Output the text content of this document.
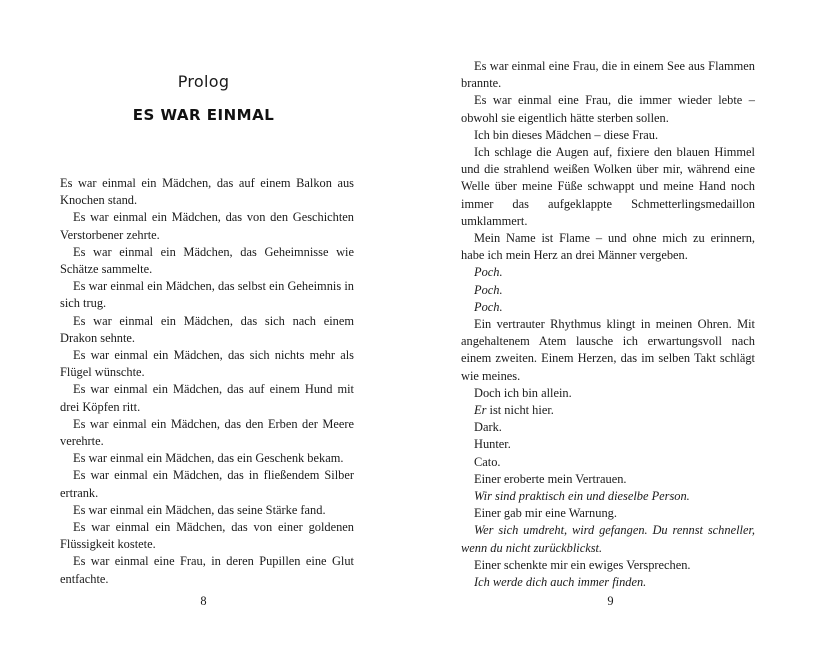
Prolog
ES WAR EINMAL

Es war einmal ein Mädchen, das auf einem Balkon aus Knochen stand.

Es war einmal ein Mädchen, das von den Geschichten Verstorbener zehrte.

Es war einmal ein Mädchen, das Geheimnisse wie Schätze sammelte.

Es war einmal ein Mädchen, das selbst ein Geheimnis in sich trug.

Es war einmal ein Mädchen, das sich nach einem Drakon sehnte.

Es war einmal ein Mädchen, das sich nichts mehr als Flügel wünschte.

Es war einmal ein Mädchen, das auf einem Hund mit drei Köpfen ritt.

Es war einmal ein Mädchen, das den Erben der Meere verehrte.

Es war einmal ein Mädchen, das ein Geschenk bekam.

Es war einmal ein Mädchen, das in fließendem Silber ertrank.

Es war einmal ein Mädchen, das seine Stärke fand.

Es war einmal ein Mädchen, das von einer goldenen Flüssigkeit kostete.

Es war einmal eine Frau, in deren Pupillen eine Glut entfachte.

8

Es war einmal eine Frau, die in einem See aus Flammen brannte.

Es war einmal eine Frau, die immer wieder lebte – obwohl sie eigentlich hätte sterben sollen.

Ich bin dieses Mädchen – diese Frau.

Ich schlage die Augen auf, fixiere den blauen Himmel und die strahlend weißen Wolken über mir, während eine Welle über meine Füße schwappt und meine Hand noch immer das aufgeklappte Schmetterlingsmedaillon umklammert.

Mein Name ist Flame – und ohne mich zu erinnern, habe ich mein Herz an drei Männer vergeben.

Poch.

Poch.

Poch.

Ein vertrauter Rhythmus klingt in meinen Ohren. Mit angehaltenem Atem lausche ich erwartungsvoll nach einem zweiten. Einem Herzen, das im selben Takt schlägt wie meines.

Doch ich bin allein.

Er ist nicht hier.

Dark.

Hunter.

Cato.

Einer eroberte mein Vertrauen.

Wir sind praktisch ein und dieselbe Person.

Einer gab mir eine Warnung.

Wer sich umdreht, wird gefangen. Du rennst schneller, wenn du nicht zurückblickst.

Einer schenkte mir ein ewiges Versprechen.

Ich werde dich auch immer finden.

9
